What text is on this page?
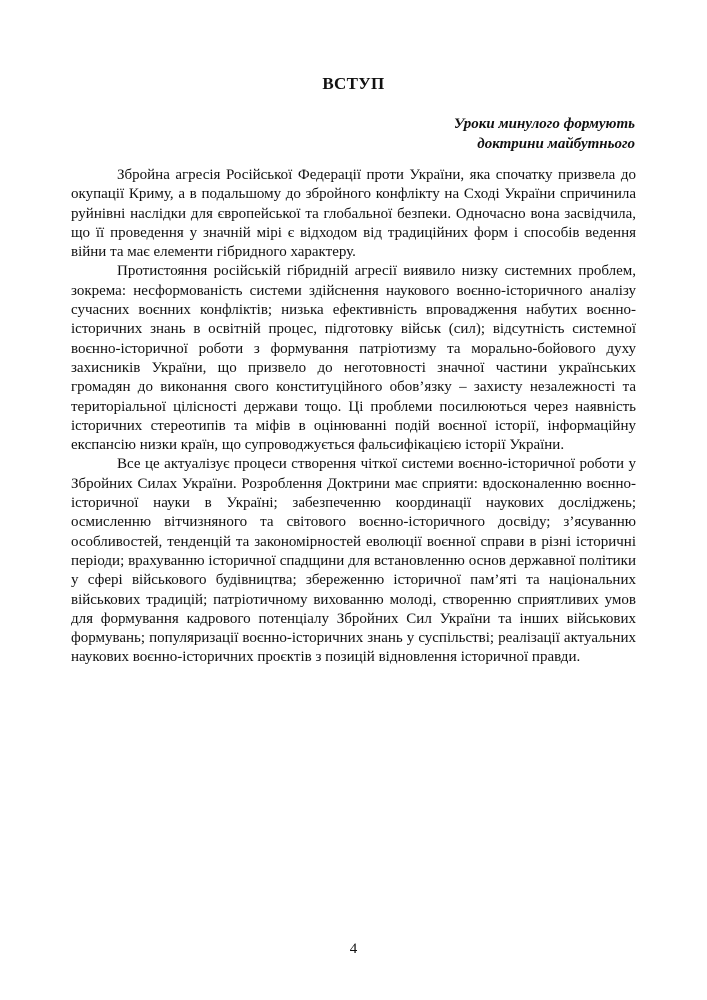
ВСТУП
Уроки минулого формують
доктрини майбутнього

Збройна агресія Російської Федерації проти України, яка спочатку призвела до окупації Криму, а в подальшому до збройного конфлікту на Сході України спричинила руйнівні наслідки для європейської та глобальної безпеки. Одночасно вона засвідчила, що її проведення у значній мірі є відходом від традиційних форм і способів ведення війни та має елементи гібридного характеру.

Протистояння російській гібридній агресії виявило низку системних проблем, зокрема: несформованість системи здійснення наукового воєнно-історичного аналізу сучасних воєнних конфліктів; низька ефективність впровадження набутих воєнно-історичних знань в освітній процес, підготовку військ (сил); відсутність системної воєнно-історичної роботи з формування патріотизму та морально-бойового духу захисників України, що призвело до неготовності значної частини українських громадян до виконання свого конституційного обов’язку – захисту незалежності та територіальної цілісності держави тощо. Ці проблеми посилюються через наявність історичних стереотипів та міфів в оцінюванні подій воєнної історії, інформаційну експансію низки країн, що супроводжується фальсифікацією історії України.

Все це актуалізує процеси створення чіткої системи воєнно-історичної роботи у Збройних Силах України. Розроблення Доктрини має сприяти: вдосконаленню воєнно-історичної науки в Україні; забезпеченню координації наукових досліджень; осмисленню вітчизняного та світового воєнно-історичного досвіду; з’ясуванню особливостей, тенденцій та закономірностей еволюції воєнної справи в різні історичні періоди; врахуванню історичної спадщини для встановленню основ державної політики у сфері військового будівництва; збереженню історичної пам’яті та національних військових традицій; патріотичному вихованню молоді, створенню сприятливих умов для формування кадрового потенціалу Збройних Сил України та інших військових формувань; популяризації воєнно-історичних знань у суспільстві; реалізації актуальних наукових воєнно-історичних проєктів з позицій відновлення історичної правди.

4
